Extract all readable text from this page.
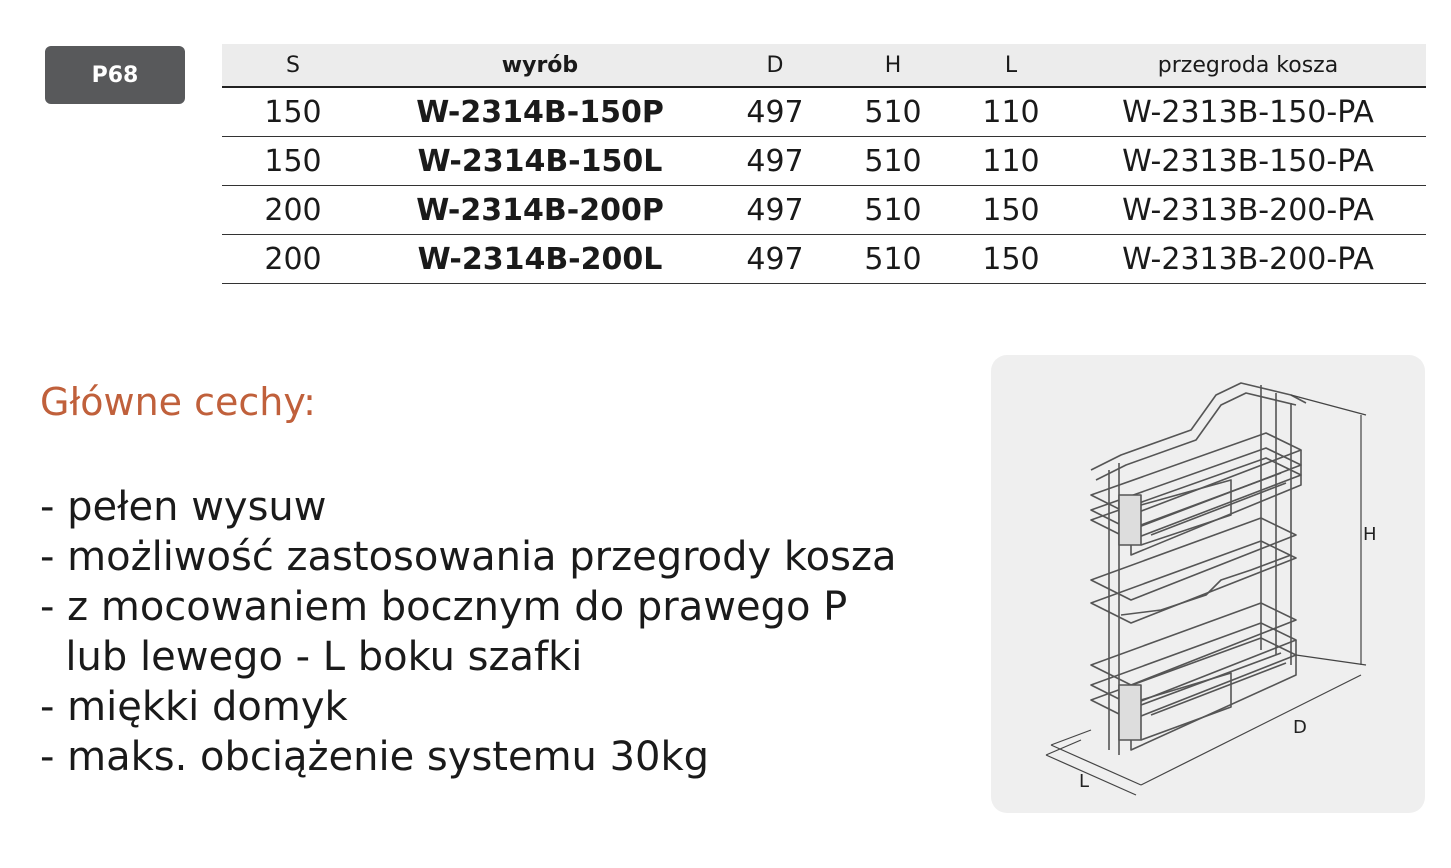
P68	S	wyrób	D	H	L	przegroda kosza
150	W-2314B-150P	497	510	110	W-2313B-150-PA
150	W-2314B-150L	497	510	110	W-2313B-150-PA
200	W-2314B-200P	497	510	150	W-2313B-200-PA
200	W-2314B-200L	497	510	150	W-2313B-200-PA
Główne cechy:
- pełen wysuw
- możliwość zastosowania przegrody kosza
- z mocowaniem bocznym do prawego P
lub lewego - L boku szafki
- miękki domyk
- maks. obciążenie systemu 30kg
H
D
L
